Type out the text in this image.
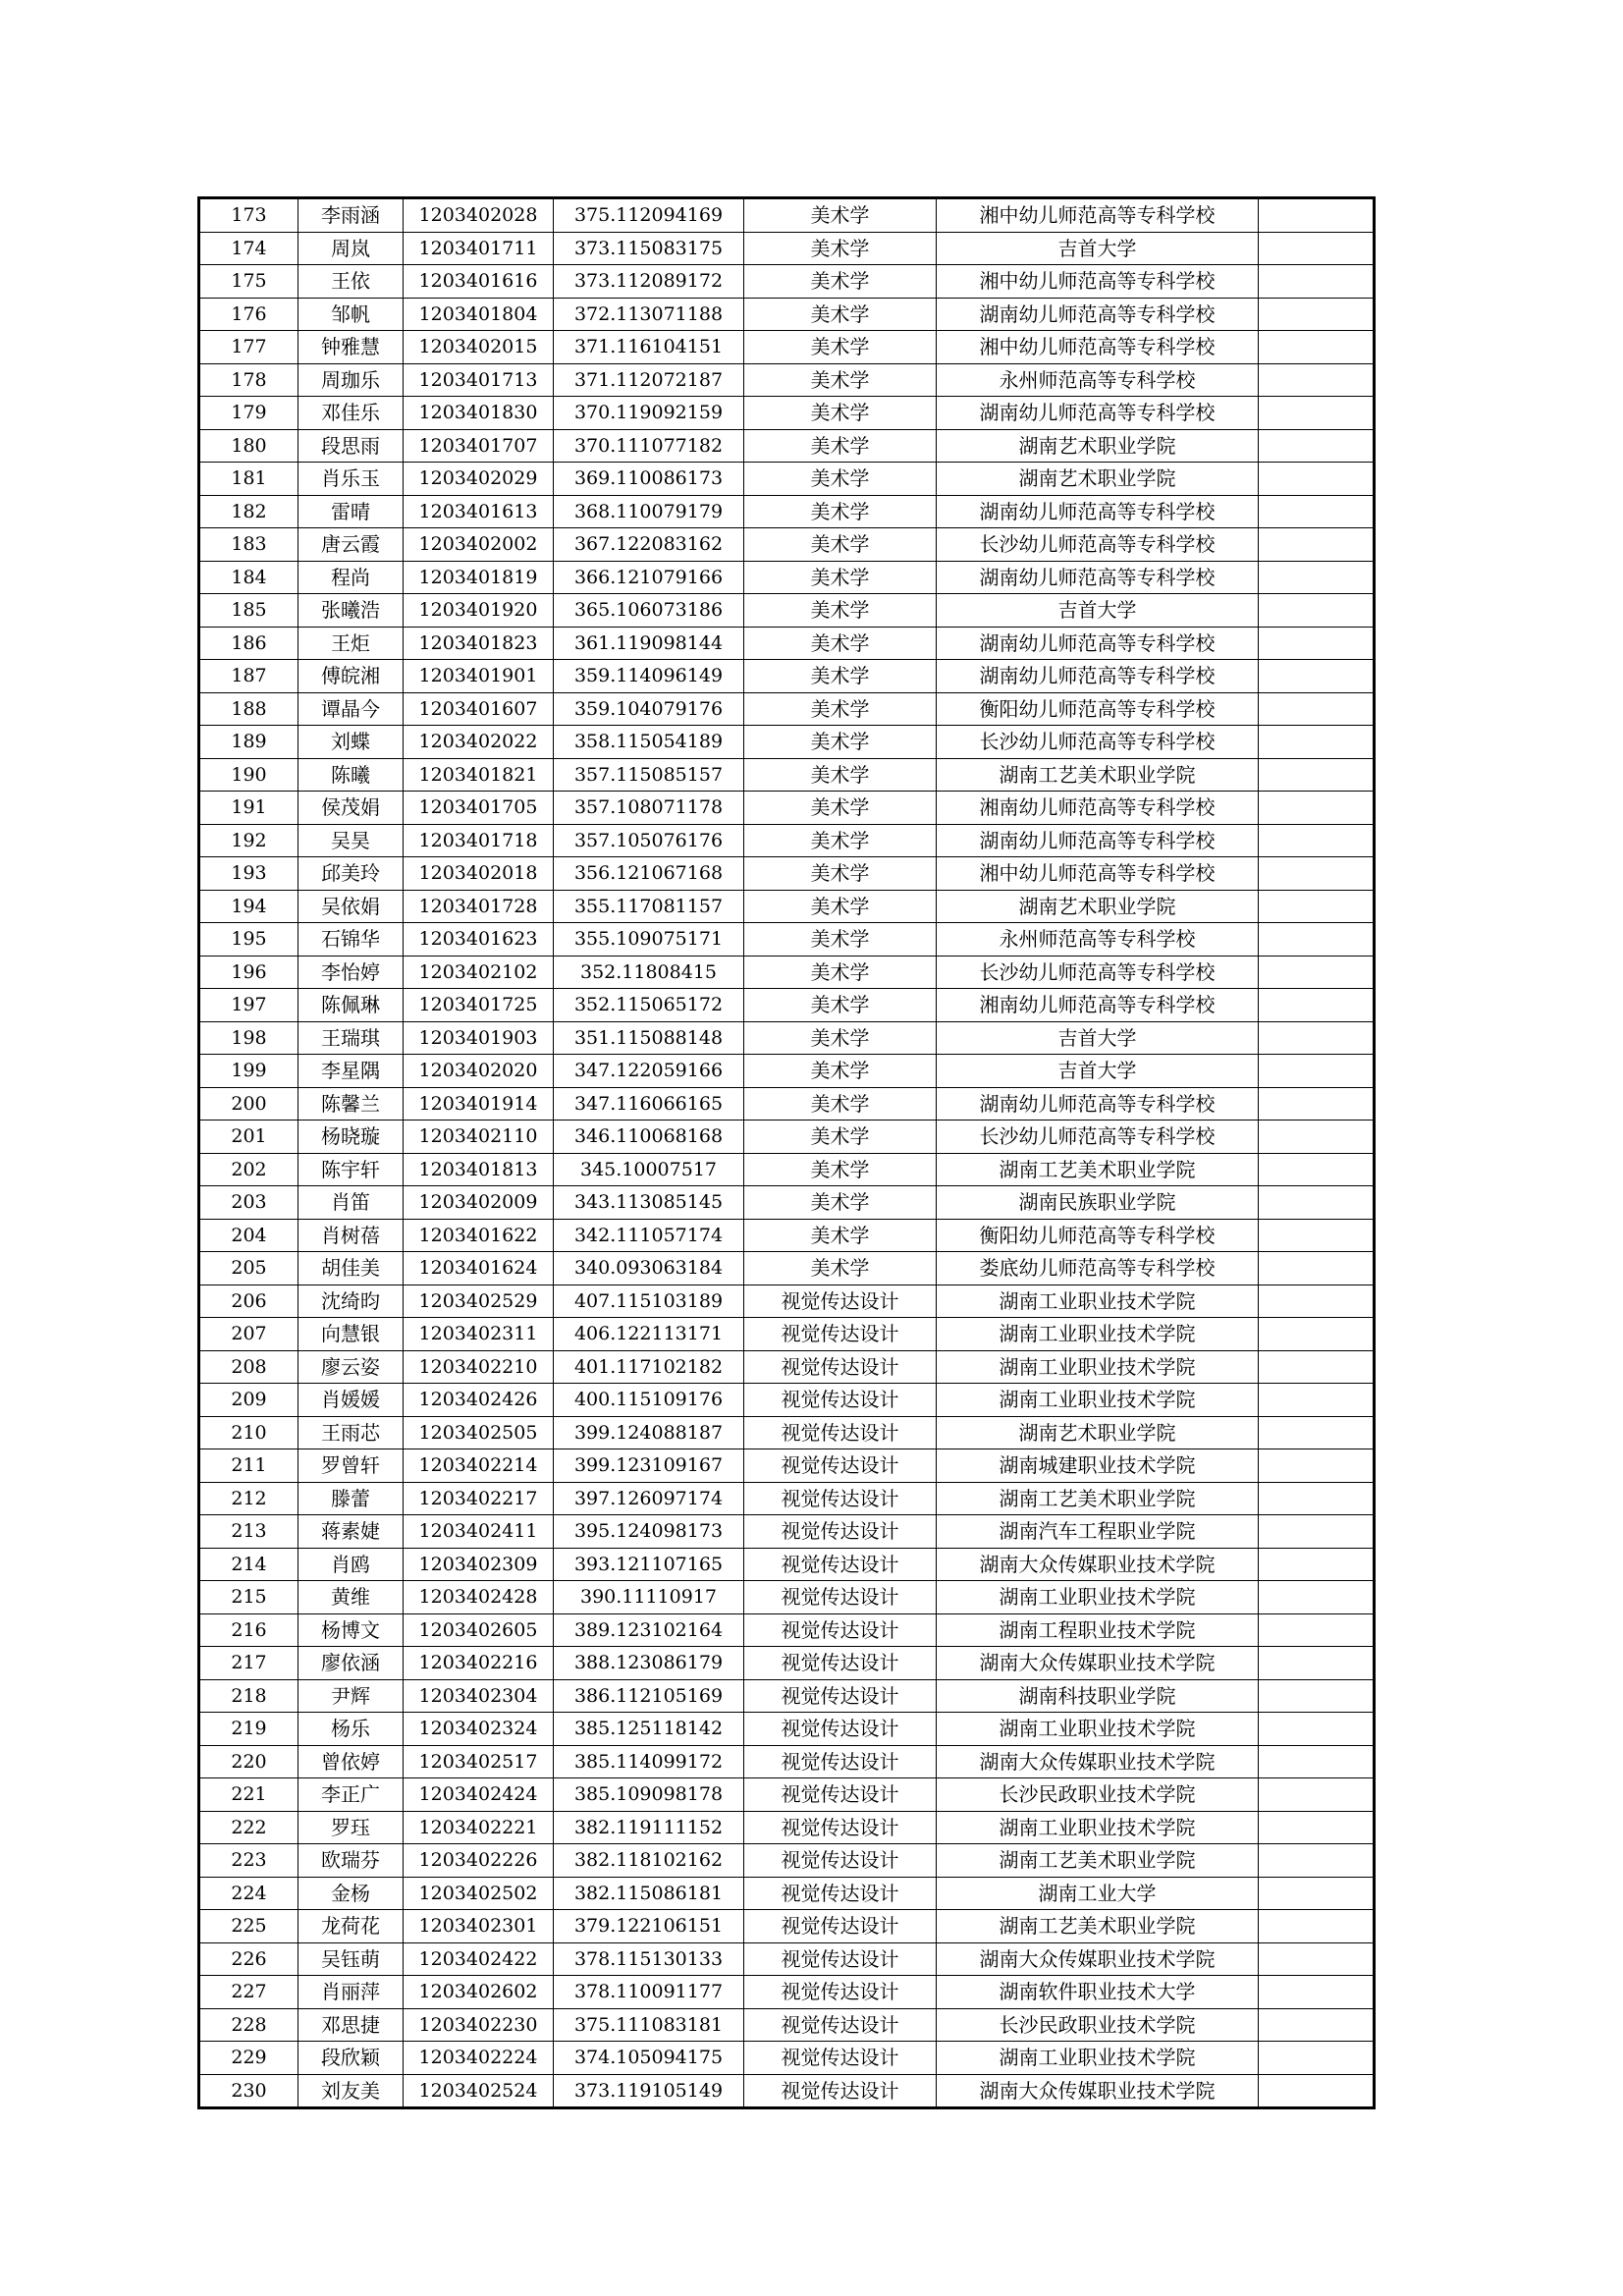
173	李雨涵	1203402028	375.112094169	美术学	湘中幼儿师范高等专科学校	
174	周岚	1203401711	373.115083175	美术学	吉首大学	
175	王依	1203401616	373.112089172	美术学	湘中幼儿师范高等专科学校	
176	邹帆	1203401804	372.113071188	美术学	湖南幼儿师范高等专科学校	
177	钟雅慧	1203402015	371.116104151	美术学	湘中幼儿师范高等专科学校	
178	周珈乐	1203401713	371.112072187	美术学	永州师范高等专科学校	
179	邓佳乐	1203401830	370.119092159	美术学	湖南幼儿师范高等专科学校	
180	段思雨	1203401707	370.111077182	美术学	湖南艺术职业学院	
181	肖乐玉	1203402029	369.110086173	美术学	湖南艺术职业学院	
182	雷晴	1203401613	368.110079179	美术学	湖南幼儿师范高等专科学校	
183	唐云霞	1203402002	367.122083162	美术学	长沙幼儿师范高等专科学校	
184	程尚	1203401819	366.121079166	美术学	湖南幼儿师范高等专科学校	
185	张曦浩	1203401920	365.106073186	美术学	吉首大学	
186	王炬	1203401823	361.119098144	美术学	湖南幼儿师范高等专科学校	
187	傅皖湘	1203401901	359.114096149	美术学	湖南幼儿师范高等专科学校	
188	谭晶今	1203401607	359.104079176	美术学	衡阳幼儿师范高等专科学校	
189	刘蝶	1203402022	358.115054189	美术学	长沙幼儿师范高等专科学校	
190	陈曦	1203401821	357.115085157	美术学	湖南工艺美术职业学院	
191	侯茂娟	1203401705	357.108071178	美术学	湘南幼儿师范高等专科学校	
192	吴昊	1203401718	357.105076176	美术学	湖南幼儿师范高等专科学校	
193	邱美玲	1203402018	356.121067168	美术学	湘中幼儿师范高等专科学校	
194	吴依娟	1203401728	355.117081157	美术学	湖南艺术职业学院	
195	石锦华	1203401623	355.109075171	美术学	永州师范高等专科学校	
196	李怡婷	1203402102	352.11808415	美术学	长沙幼儿师范高等专科学校	
197	陈佩琳	1203401725	352.115065172	美术学	湘南幼儿师范高等专科学校	
198	王瑞琪	1203401903	351.115088148	美术学	吉首大学	
199	李星隅	1203402020	347.122059166	美术学	吉首大学	
200	陈馨兰	1203401914	347.116066165	美术学	湖南幼儿师范高等专科学校	
201	杨晓璇	1203402110	346.110068168	美术学	长沙幼儿师范高等专科学校	
202	陈宇轩	1203401813	345.10007517	美术学	湖南工艺美术职业学院	
203	肖笛	1203402009	343.113085145	美术学	湖南民族职业学院	
204	肖树蓓	1203401622	342.111057174	美术学	衡阳幼儿师范高等专科学校	
205	胡佳美	1203401624	340.093063184	美术学	娄底幼儿师范高等专科学校	
206	沈绮昀	1203402529	407.115103189	视觉传达设计	湖南工业职业技术学院	
207	向慧银	1203402311	406.122113171	视觉传达设计	湖南工业职业技术学院	
208	廖云姿	1203402210	401.117102182	视觉传达设计	湖南工业职业技术学院	
209	肖媛媛	1203402426	400.115109176	视觉传达设计	湖南工业职业技术学院	
210	王雨芯	1203402505	399.124088187	视觉传达设计	湖南艺术职业学院	
211	罗曾轩	1203402214	399.123109167	视觉传达设计	湖南城建职业技术学院	
212	滕蕾	1203402217	397.126097174	视觉传达设计	湖南工艺美术职业学院	
213	蒋素婕	1203402411	395.124098173	视觉传达设计	湖南汽车工程职业学院	
214	肖鸥	1203402309	393.121107165	视觉传达设计	湖南大众传媒职业技术学院	
215	黄维	1203402428	390.11110917	视觉传达设计	湖南工业职业技术学院	
216	杨博文	1203402605	389.123102164	视觉传达设计	湖南工程职业技术学院	
217	廖依涵	1203402216	388.123086179	视觉传达设计	湖南大众传媒职业技术学院	
218	尹辉	1203402304	386.112105169	视觉传达设计	湖南科技职业学院	
219	杨乐	1203402324	385.125118142	视觉传达设计	湖南工业职业技术学院	
220	曾依婷	1203402517	385.114099172	视觉传达设计	湖南大众传媒职业技术学院	
221	李正广	1203402424	385.109098178	视觉传达设计	长沙民政职业技术学院	
222	罗珏	1203402221	382.119111152	视觉传达设计	湖南工业职业技术学院	
223	欧瑞芬	1203402226	382.118102162	视觉传达设计	湖南工艺美术职业学院	
224	金杨	1203402502	382.115086181	视觉传达设计	湖南工业大学	
225	龙荷花	1203402301	379.122106151	视觉传达设计	湖南工艺美术职业学院	
226	吴钰萌	1203402422	378.115130133	视觉传达设计	湖南大众传媒职业技术学院	
227	肖丽萍	1203402602	378.110091177	视觉传达设计	湖南软件职业技术大学	
228	邓思捷	1203402230	375.111083181	视觉传达设计	长沙民政职业技术学院	
229	段欣颖	1203402224	374.105094175	视觉传达设计	湖南工业职业技术学院	
230	刘友美	1203402524	373.119105149	视觉传达设计	湖南大众传媒职业技术学院	
